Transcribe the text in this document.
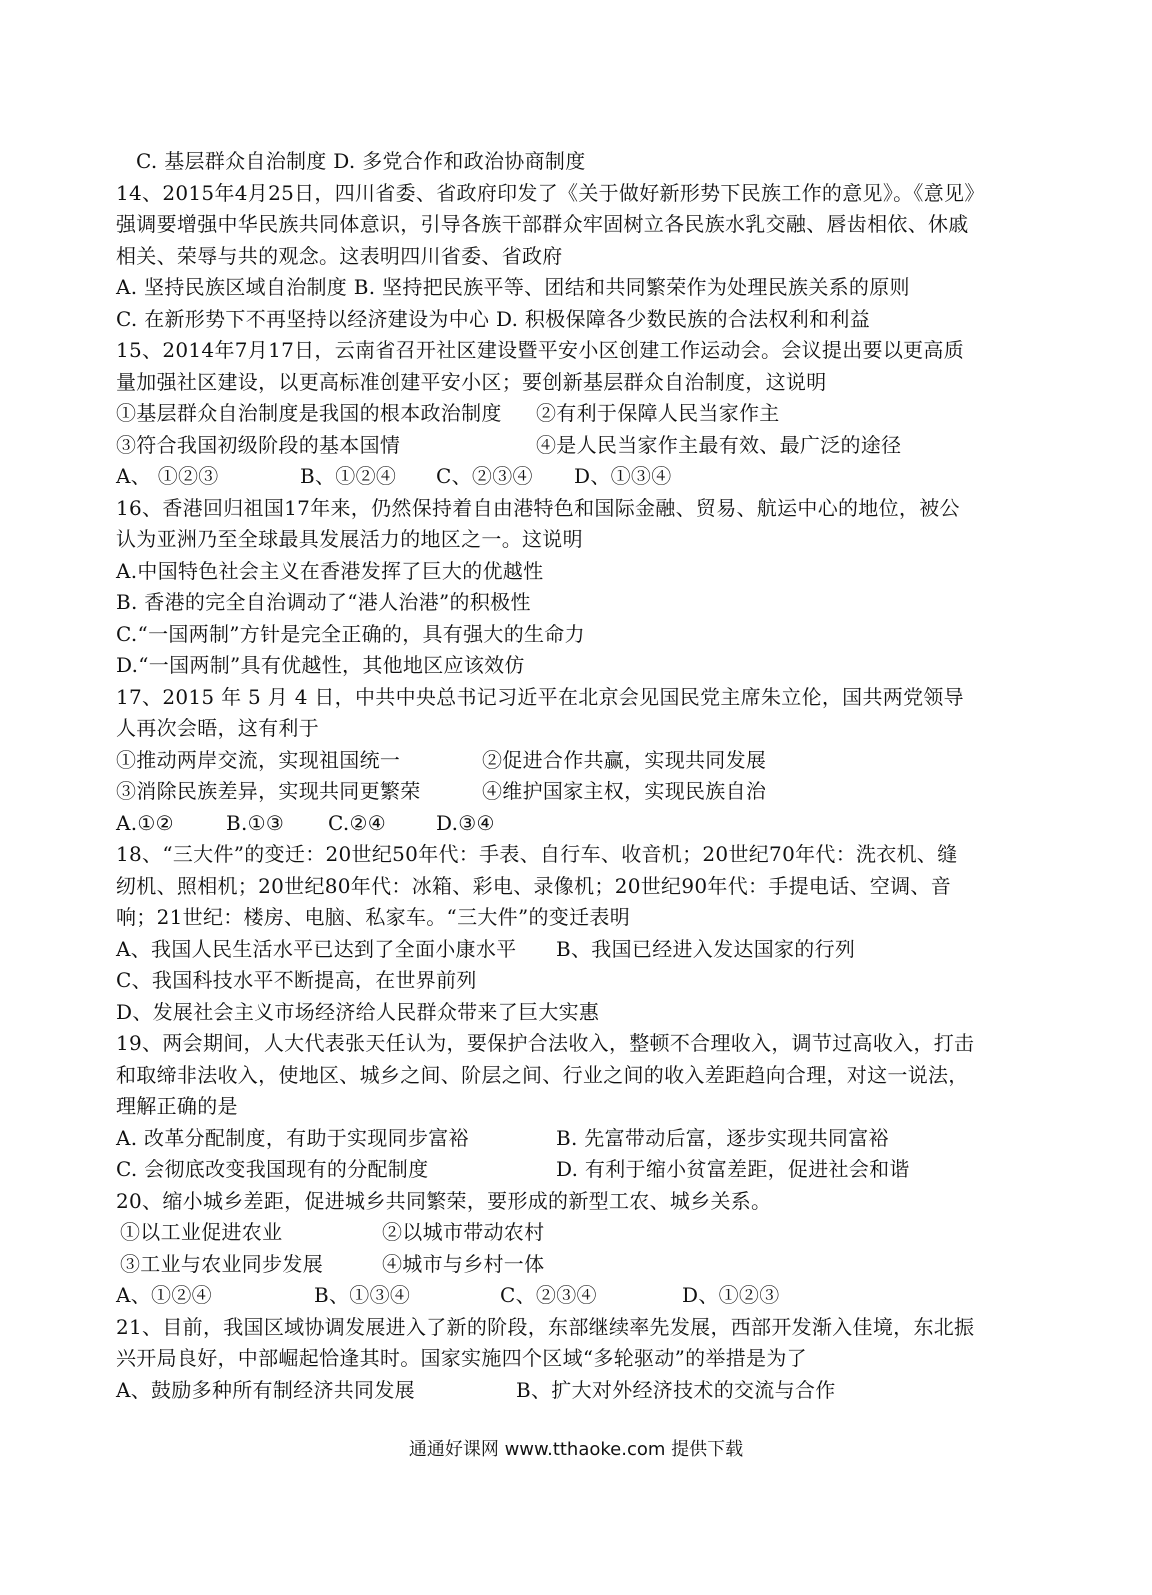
C. 基层群众自治制度 D. 多党合作和政治协商制度
14、2015年4月25日，四川省委、省政府印发了《关于做好新形势下民族工作的意见》。《意见》
强调要增强中华民族共同体意识，引导各族干部群众牢固树立各民族水乳交融、唇齿相依、休戚
相关、荣辱与共的观念。这表明四川省委、省政府
A. 坚持民族区域自治制度 B. 坚持把民族平等、团结和共同繁荣作为处理民族关系的原则
C. 在新形势下不再坚持以经济建设为中心 D. 积极保障各少数民族的合法权利和利益
15、2014年7月17日，云南省召开社区建设暨平安小区创建工作运动会。会议提出要以更高质
量加强社区建设，以更高标准创建平安小区；要创新基层群众自治制度，这说明
①基层群众自治制度是我国的根本政治制度	②有利于保障人民当家作主
③符合我国初级阶段的基本国情	④是人民当家作主最有效、最广泛的途径
A、 ①②③	B、①②④	C、②③④	D、①③④
16、香港回归祖国17年来，仍然保持着自由港特色和国际金融、贸易、航运中心的地位，被公
认为亚洲乃至全球最具发展活力的地区之一。这说明
A.中国特色社会主义在香港发挥了巨大的优越性
B. 香港的完全自治调动了“港人治港”的积极性
C.“一国两制”方针是完全正确的，具有强大的生命力
D.“一国两制”具有优越性，其他地区应该效仿
17、2015 年 5 月 4 日，中共中央总书记习近平在北京会见国民党主席朱立伦，国共两党领导
人再次会晤，这有利于
①推动两岸交流，实现祖国统一	②促进合作共赢，实现共同发展
③消除民族差异，实现共同更繁荣	④维护国家主权，实现民族自治
A.①②	B.①③	C.②④	D.③④
18、“三大件”的变迁：20世纪50年代：手表、自行车、收音机；20世纪70年代：洗衣机、缝
纫机、照相机；20世纪80年代：冰箱、彩电、录像机；20世纪90年代：手提电话、空调、音
响；21世纪：楼房、电脑、私家车。“三大件”的变迁表明
A、我国人民生活水平已达到了全面小康水平	B、我国已经进入发达国家的行列
C、我国科技水平不断提高，在世界前列
D、发展社会主义市场经济给人民群众带来了巨大实惠
19、两会期间，人大代表张天任认为，要保护合法收入，整顿不合理收入，调节过高收入，打击
和取缔非法收入，使地区、城乡之间、阶层之间、行业之间的收入差距趋向合理，对这一说法，
理解正确的是
A. 改革分配制度，有助于实现同步富裕	B. 先富带动后富，逐步实现共同富裕
C. 会彻底改变我国现有的分配制度	D. 有利于缩小贫富差距，促进社会和谐
20、缩小城乡差距，促进城乡共同繁荣，要形成的新型工农、城乡关系。
①以工业促进农业	②以城市带动农村
③工业与农业同步发展	④城市与乡村一体
A、①②④	B、①③④	C、②③④	D、①②③
21、目前，我国区域协调发展进入了新的阶段，东部继续率先发展，西部开发渐入佳境，东北振
兴开局良好，中部崛起恰逢其时。国家实施四个区域“多轮驱动”的举措是为了
A、鼓励多种所有制经济共同发展	B、扩大对外经济技术的交流与合作
通通好课网 www.tthaoke.com 提供下载
